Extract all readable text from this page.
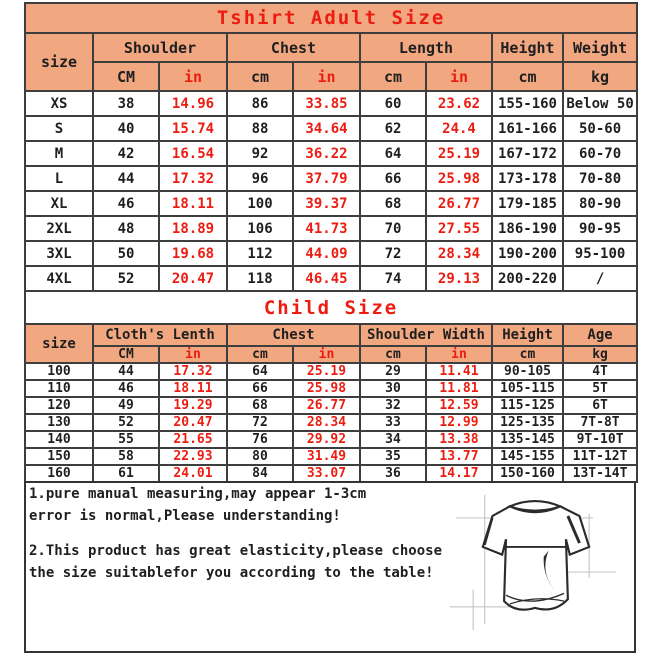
Tshirt Adult Size								
size	Shoulder		Chest		Length		Height	Weight
	CM	in	cm	in	cm	in	cm	kg
XS	38	14.96	86	33.85	60	23.62	155-160	Below 50
S	40	15.74	88	34.64	62	24.4	161-166	50-60
M	42	16.54	92	36.22	64	25.19	167-172	60-70
L	44	17.32	96	37.79	66	25.98	173-178	70-80
XL	46	18.11	100	39.37	68	26.77	179-185	80-90
2XL	48	18.89	106	41.73	70	27.55	186-190	90-95
3XL	50	19.68	112	44.09	72	28.34	190-200	95-100
4XL	52	20.47	118	46.45	74	29.13	200-220	/
Child Size								
size	Cloth's Lenth		Chest		Shoulder Width		Height	Age
	CM	in	cm	in	cm	in	cm	kg
100	44	17.32	64	25.19	29	11.41	90-105	4T
110	46	18.11	66	25.98	30	11.81	105-115	5T
120	49	19.29	68	26.77	32	12.59	115-125	6T
130	52	20.47	72	28.34	33	12.99	125-135	7T-8T
140	55	21.65	76	29.92	34	13.38	135-145	9T-10T
150	58	22.93	80	31.49	35	13.77	145-155	11T-12T
160	61	24.01	84	33.07	36	14.17	150-160	13T-14T

1.pure manual measuring,may appear 1-3cm
error is normal,Please understanding!

2.This product has great elasticity,please choose
the size suitablefor you according to the table!
